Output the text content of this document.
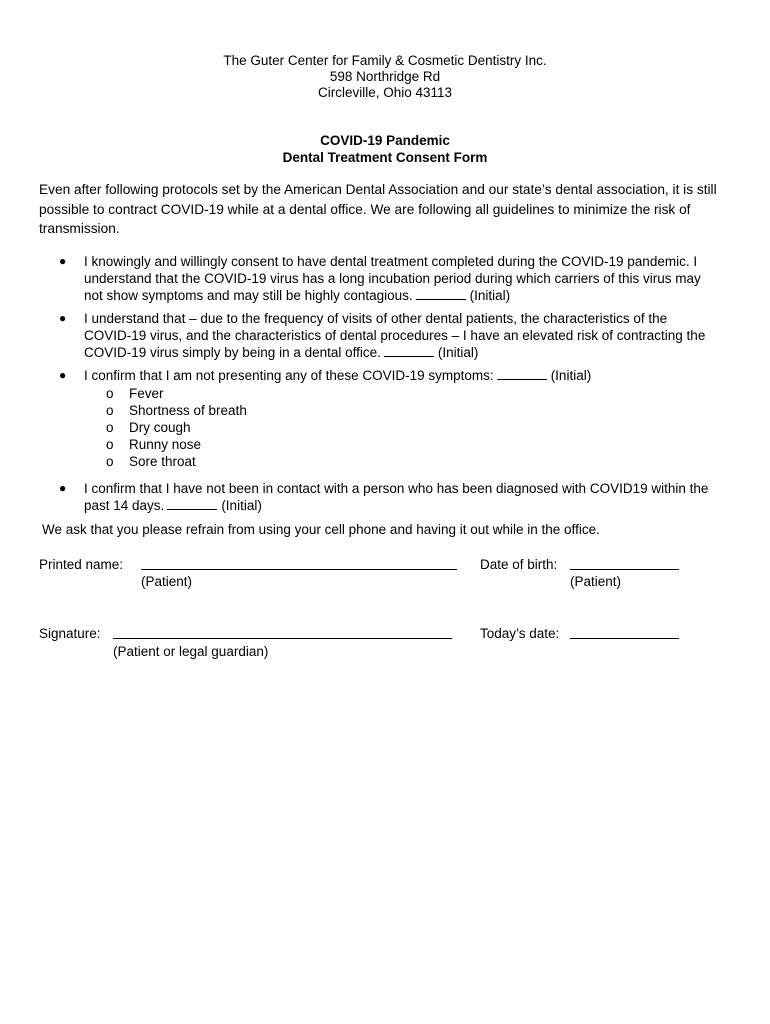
The Guter Center for Family & Cosmetic Dentistry Inc.
598 Northridge Rd
Circleville, Ohio 43113
COVID-19 Pandemic
Dental Treatment Consent Form
Even after following protocols set by the American Dental Association and our state’s dental association, it is still possible to contract COVID-19 while at a dental office. We are following all guidelines to minimize the risk of transmission.
● I knowingly and willingly consent to have dental treatment completed during the COVID-19 pandemic. I understand that the COVID-19 virus has a long incubation period during which carriers of this virus may not show symptoms and may still be highly contagious.	(Initial)
● I understand that – due to the frequency of visits of other dental patients, the characteristics of the COVID-19 virus, and the characteristics of dental procedures – I have an elevated risk of contracting the COVID-19 virus simply by being in a dental office.	(Initial)
● I confirm that I am not presenting any of these COVID-19 symptoms:	(Initial)
o Fever
o Shortness of breath
o Dry cough
o Runny nose
o Sore throat
● I confirm that I have not been in contact with a person who has been diagnosed with COVID19 within the past 14 days.	(Initial)
We ask that you please refrain from using your cell phone and having it out while in the office.
Printed name:
(Patient)
Date of birth:
(Patient)
Signature:
(Patient or legal guardian)
Today’s date:
